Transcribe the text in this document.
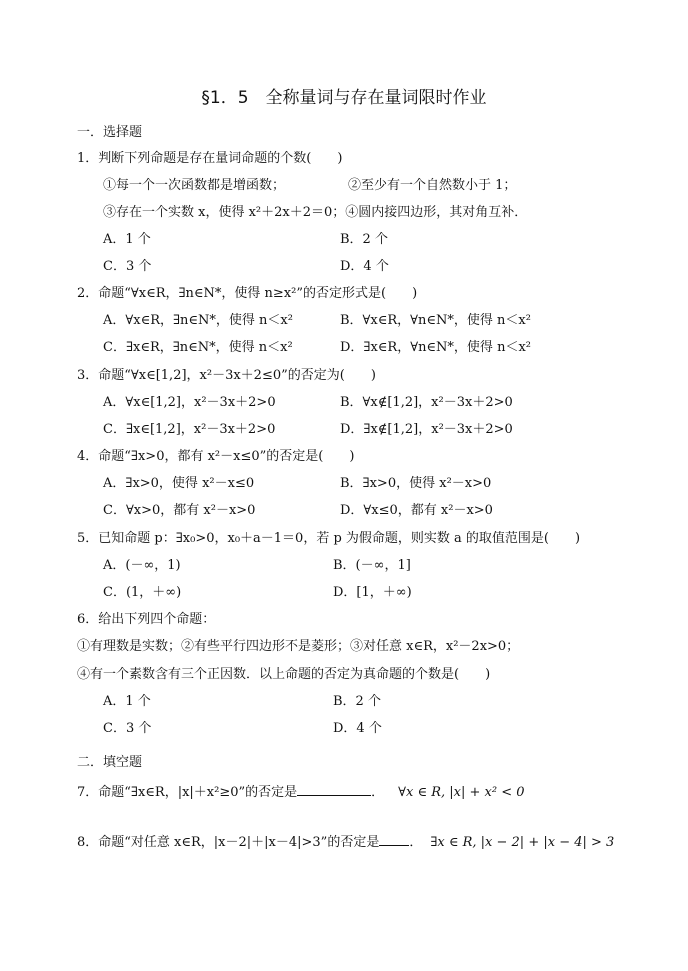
§1．5　全称量词与存在量词限时作业
一．选择题
1．判断下列命题是存在量词命题的个数(　　)
①每一个一次函数都是增函数；	②至少有一个自然数小于 1；
③存在一个实数 x，使得 x²＋2x＋2＝0；④圆内接四边形，其对角互补．
A．1 个	B．2 个
C．3 个	D．4 个
2．命题“∀x∈R，∃n∈N*，使得 n≥x²”的否定形式是(　　)
A．∀x∈R，∃n∈N*，使得 n＜x²	B．∀x∈R，∀n∈N*，使得 n＜x²
C．∃x∈R，∃n∈N*，使得 n＜x²	D．∃x∈R，∀n∈N*，使得 n＜x²
3．命题“∀x∈[1,2]，x²－3x＋2≤0”的否定为(　　)
A．∀x∈[1,2]，x²－3x＋2>0	B．∀x∉[1,2]，x²－3x＋2>0
C．∃x∈[1,2]，x²－3x＋2>0	D．∃x∉[1,2]，x²－3x＋2>0
4．命题“∃x>0，都有 x²－x≤0”的否定是(　　)
A．∃x>0，使得 x²－x≤0	B．∃x>0，使得 x²－x>0
C．∀x>0，都有 x²－x>0	D．∀x≤0，都有 x²－x>0
5．已知命题 p：∃x₀>0，x₀＋a－1＝0，若 p 为假命题，则实数 a 的取值范围是(　　)
A．(－∞，1)	B．(－∞，1]
C．(1，＋∞)	D．[1，＋∞)
6．给出下列四个命题：
①有理数是实数；②有些平行四边形不是菱形；③对任意 x∈R，x²－2x>0；
④有一个素数含有三个正因数．以上命题的否定为真命题的个数是(　　)
A．1 个	B．2 个
C．3 个	D．4 个
二．填空题
7．命题“∃x∈R，|x|＋x²≥0”的否定是	． ∀x ∈ R, |x| + x² < 0
8．命题“对任意 x∈R，|x－2|＋|x－4|>3”的否定是 ． ∃x ∈ R, |x − 2| + |x − 4| > 3
